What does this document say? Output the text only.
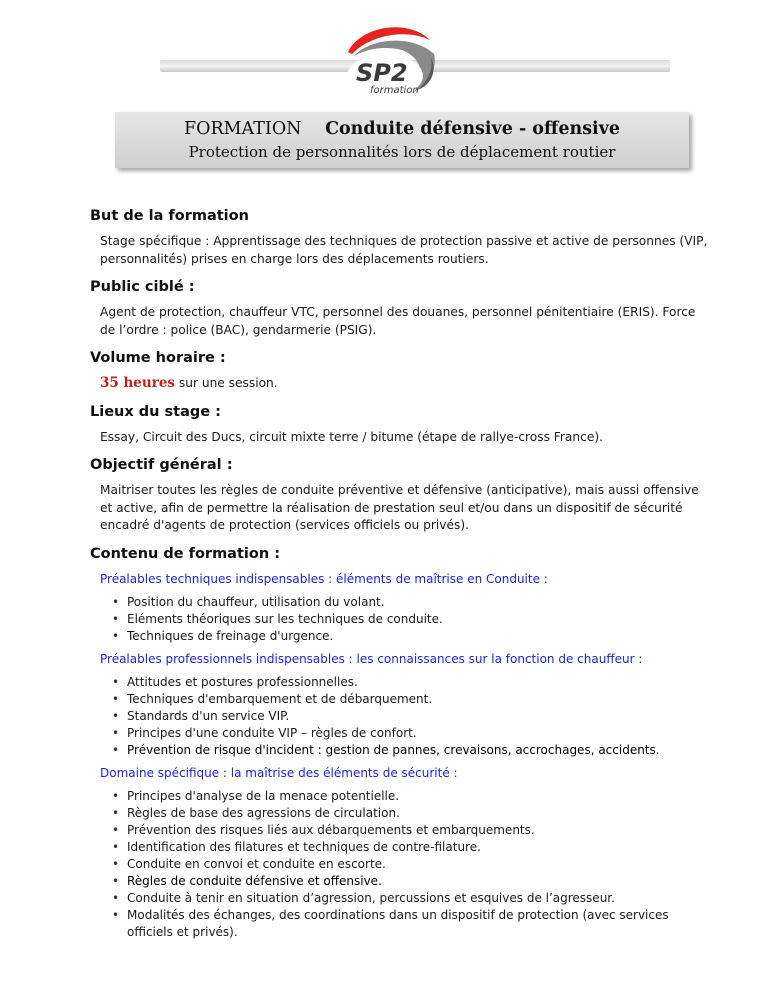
SP2
formation
FORMATION Conduite défensive - offensive
Protection de personnalités lors de déplacement routier
But de la formation

Stage spécifique : Apprentissage des techniques de protection passive et active de personnes (VIP, personnalités) prises en charge lors des déplacements routiers.

Public ciblé :

Agent de protection, chauffeur VTC, personnel des douanes, personnel pénitentiaire (ERIS). Force de l’ordre : police (BAC), gendarmerie (PSIG).

Volume horaire :

35 heures sur une session.

Lieux du stage :

Essay, Circuit des Ducs, circuit mixte terre / bitume (étape de rallye-cross France).

Objectif général :

Maitriser toutes les règles de conduite préventive et défensive (anticipative), mais aussi offensive et active, afin de permettre la réalisation de prestation seul et/ou dans un dispositif de sécurité encadré d'agents de protection (services officiels ou privés).

Contenu de formation :
Préalables techniques indispensables : éléments de maîtrise en Conduite :
• Position du chauffeur, utilisation du volant.
• Eléments théoriques sur les techniques de conduite.
• Techniques de freinage d'urgence.
Préalables professionnels indispensables : les connaissances sur la fonction de chauffeur :
• Attitudes et postures professionnelles.
• Techniques d'embarquement et de débarquement.
• Standards d'un service VIP.
• Principes d'une conduite VIP – règles de confort.
• Prévention de risque d'incident : gestion de pannes, crevaisons, accrochages, accidents.
Domaine spécifique : la maîtrise des éléments de sécurité :
• Principes d'analyse de la menace potentielle.
• Règles de base des agressions de circulation.
• Prévention des risques liés aux débarquements et embarquements.
• Identification des filatures et techniques de contre-filature.
• Conduite en convoi et conduite en escorte.
• Règles de conduite défensive et offensive.
• Conduite à tenir en situation d’agression, percussions et esquives de l’agresseur.
• Modalités des échanges, des coordinations dans un dispositif de protection (avec services officiels et privés).
